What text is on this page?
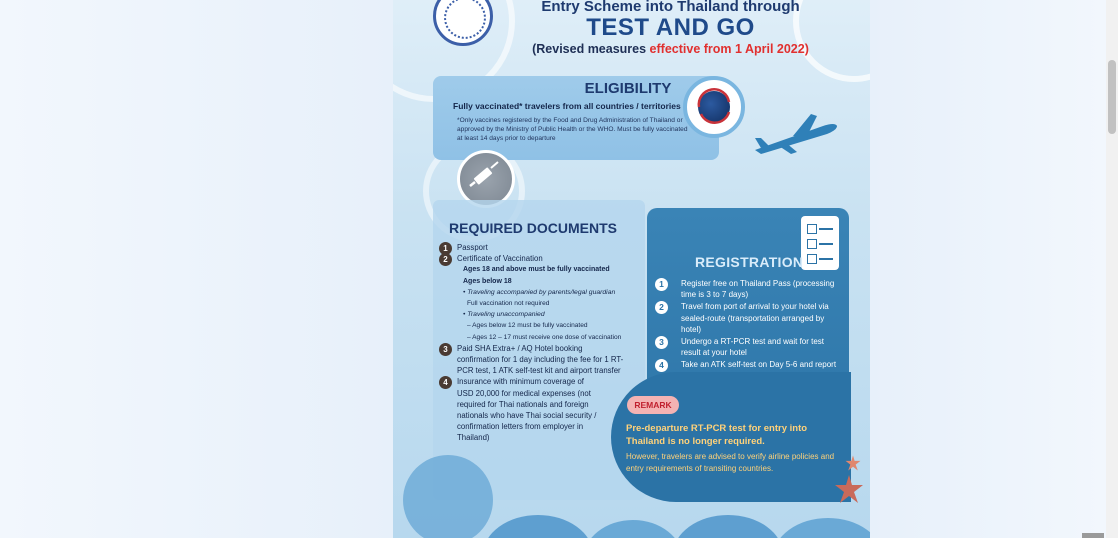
Entry Scheme into Thailand through
TEST AND GO
(Revised measures effective from 1 April 2022)
ELIGIBILITY
Fully vaccinated* travelers from all countries / territories
*Only vaccines registered by the Food and Drug Administration of Thailand or approved by the Ministry of Public Health or the WHO. Must be fully vaccinated at least 14 days prior to departure
REQUIRED DOCUMENTS
1	Passport
2	Certificate of Vaccination
Ages 18 and above must be fully vaccinated
Ages below 18
• Traveling accompanied by parents/legal guardian
Full vaccination not required
• Traveling unaccompanied
– Ages below 12 must be fully vaccinated
– Ages 12 – 17 must receive one dose of vaccination
3	Paid SHA Extra+ / AQ Hotel booking confirmation for 1 day including the fee for 1 RT-PCR test, 1 ATK self-test kit and airport transfer
4	Insurance with minimum coverage of USD 20,000 for medical expenses (not required for Thai nationals and foreign nationals who have Thai social security / confirmation letters from employer in Thailand)
REGISTRATION
1	Register free on Thailand Pass (processing time is 3 to 7 days)
2	Travel from port of arrival to your hotel via sealed-route (transportation arranged by hotel)
3	Undergo a RT-PCR test and wait for test result at your hotel
4	Take an ATK self-test on Day 5-6 and report
REMARK
Pre-departure RT-PCR test for entry into Thailand is no longer required.
However, travelers are advised to verify airline policies and entry requirements of transiting countries.
